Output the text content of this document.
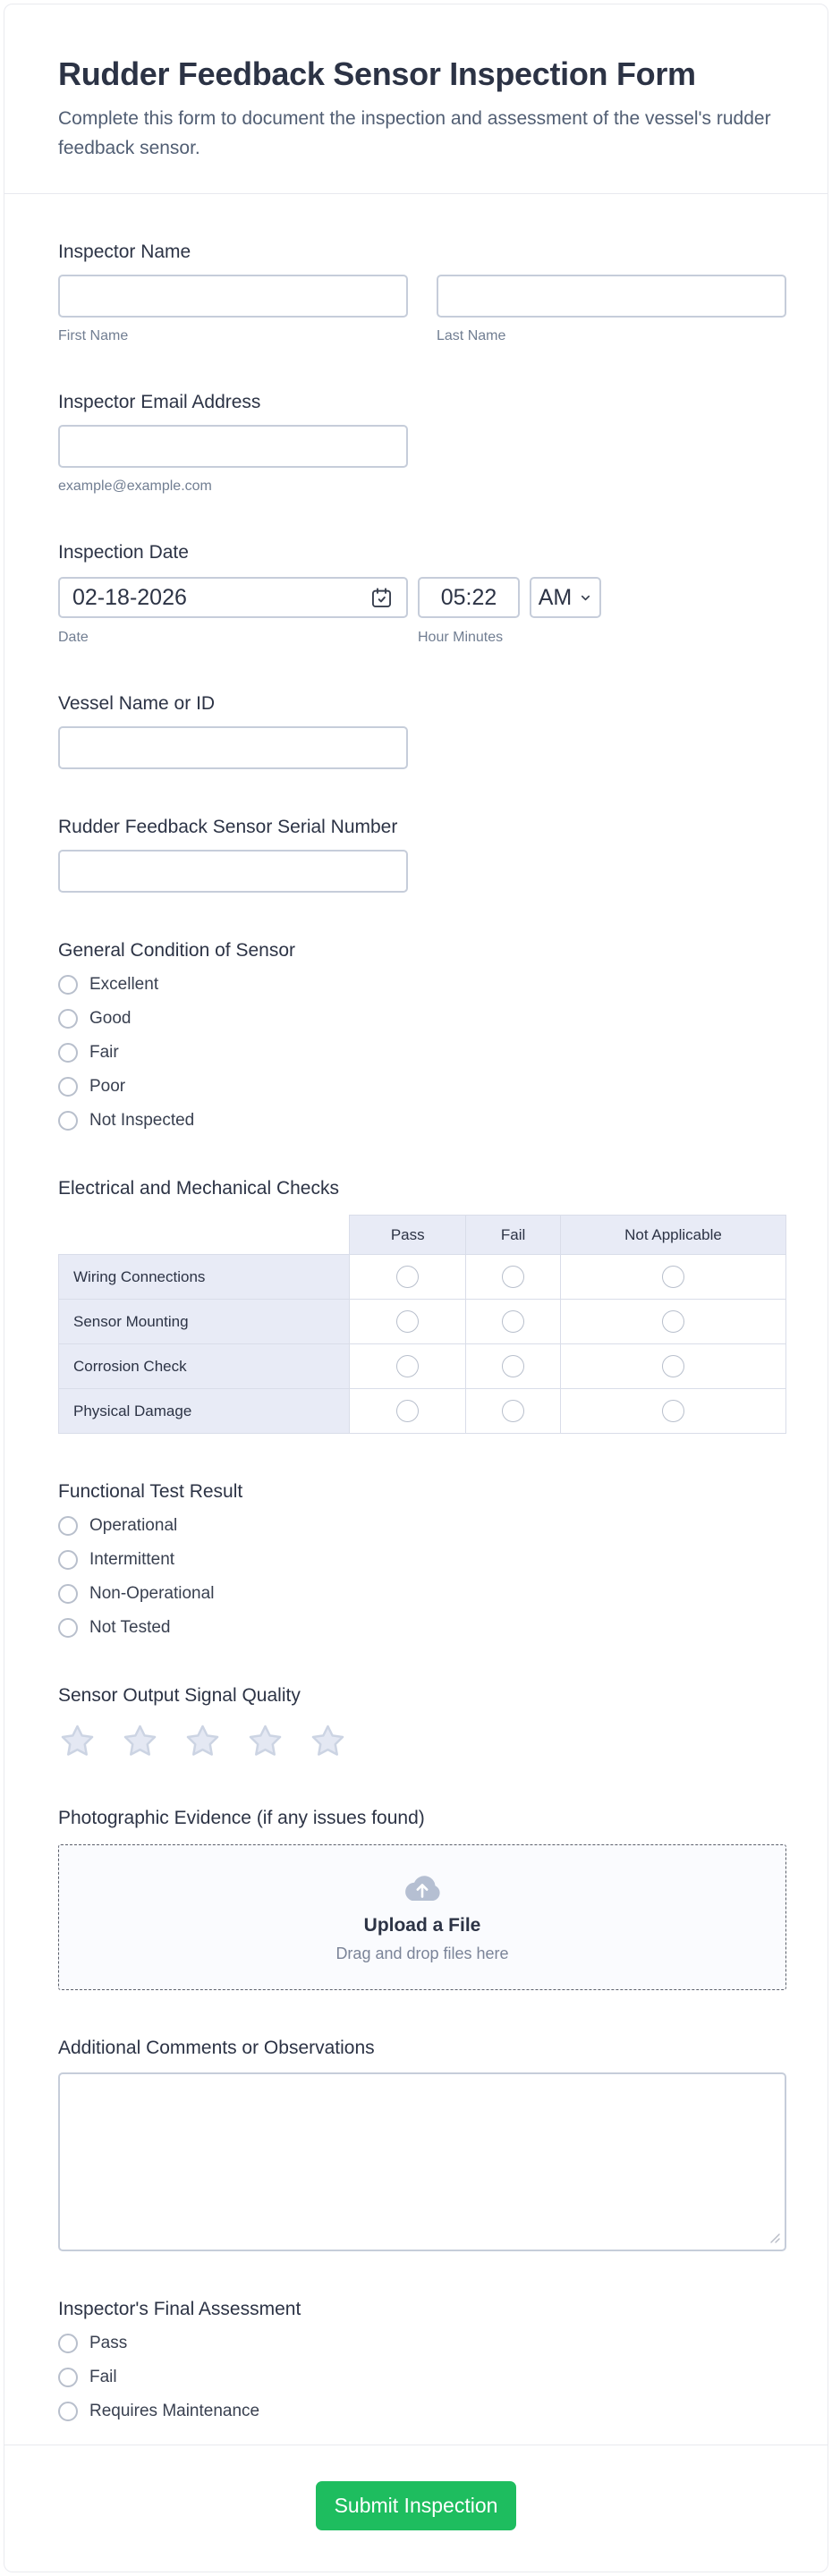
Rudder Feedback Sensor Inspection Form

Complete this form to document the inspection and assessment of the vessel's rudder feedback sensor.

Inspector Name
First Name	Last Name
Inspector Email Address
example@example.com
Inspection Date
02-18-2026	05:22 AM
Date	Hour Minutes
Vessel Name or ID
Rudder Feedback Sensor Serial Number
General Condition of Sensor
Excellent
Good
Fair
Poor
Not Inspected
Electrical and Mechanical Checks
	Pass	Fail	Not Applicable
Wiring Connections			
Sensor Mounting			
Corrosion Check			
Physical Damage			
Functional Test Result
Operational
Intermittent
Non-Operational
Not Tested
Sensor Output Signal Quality
Photographic Evidence (if any issues found)
Upload a File
Drag and drop files here
Additional Comments or Observations
Inspector's Final Assessment
Pass
Fail
Requires Maintenance
Submit Inspection
